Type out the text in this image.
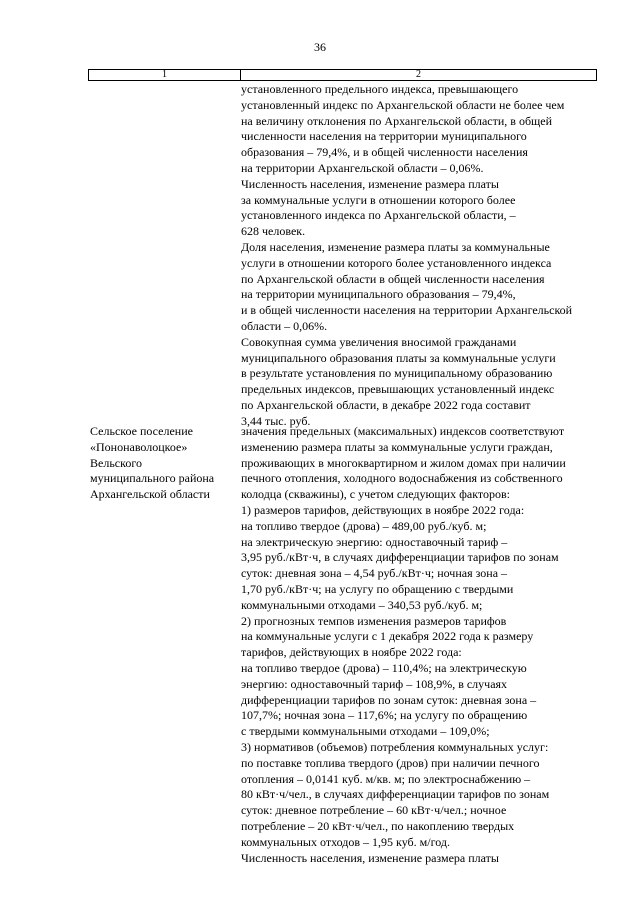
36
1	2
установленного предельного индекса, превышающего
установленный индекс по Архангельской области не более чем
на величину отклонения по Архангельской области, в общей
численности населения на территории муниципального
образования – 79,4%, и в общей численности населения
на территории Архангельской области – 0,06%.
Численность населения, изменение размера платы
за коммунальные услуги в отношении которого более
установленного индекса по Архангельской области, –
628 человек.
Доля населения, изменение размера платы за коммунальные
услуги в отношении которого более установленного индекса
по Архангельской области в общей численности населения
на территории муниципального образования – 79,4%,
и в общей численности населения на территории Архангельской
области – 0,06%.
Совокупная сумма увеличения вносимой гражданами
муниципального образования платы за коммунальные услуги
в результате установления по муниципальному образованию
предельных индексов, превышающих установленный индекс
по Архангельской области, в декабре 2022 года составит
3,44 тыс. руб.
Сельское поселение
«Пононаволоцкое»
Вельского
муниципального района
Архангельской области
значения предельных (максимальных) индексов соответствуют
изменению размера платы за коммунальные услуги граждан,
проживающих в многоквартирном и жилом домах при наличии
печного отопления, холодного водоснабжения из собственного
колодца (скважины), с учетом следующих факторов:
1) размеров тарифов, действующих в ноябре 2022 года:
на топливо твердое (дрова) – 489,00 руб./куб. м;
на электрическую энергию: одноставочный тариф –
3,95 руб./кВт·ч, в случаях дифференциации тарифов по зонам
суток: дневная зона – 4,54 руб./кВт·ч; ночная зона –
1,70 руб./кВт·ч; на услугу по обращению с твердыми
коммунальными отходами – 340,53 руб./куб. м;
2) прогнозных темпов изменения размеров тарифов
на коммунальные услуги с 1 декабря 2022 года к размеру
тарифов, действующих в ноябре 2022 года:
на топливо твердое (дрова) – 110,4%; на электрическую
энергию: одноставочный тариф – 108,9%, в случаях
дифференциации тарифов по зонам суток: дневная зона –
107,7%; ночная зона – 117,6%; на услугу по обращению
с твердыми коммунальными отходами – 109,0%;
3) нормативов (объемов) потребления коммунальных услуг:
по поставке топлива твердого (дров) при наличии печного
отопления – 0,0141 куб. м/кв. м; по электроснабжению –
80 кВт·ч/чел., в случаях дифференциации тарифов по зонам
суток: дневное потребление – 60 кВт·ч/чел.; ночное
потребление – 20 кВт·ч/чел., по накоплению твердых
коммунальных отходов – 1,95 куб. м/год.
Численность населения, изменение размера платы
